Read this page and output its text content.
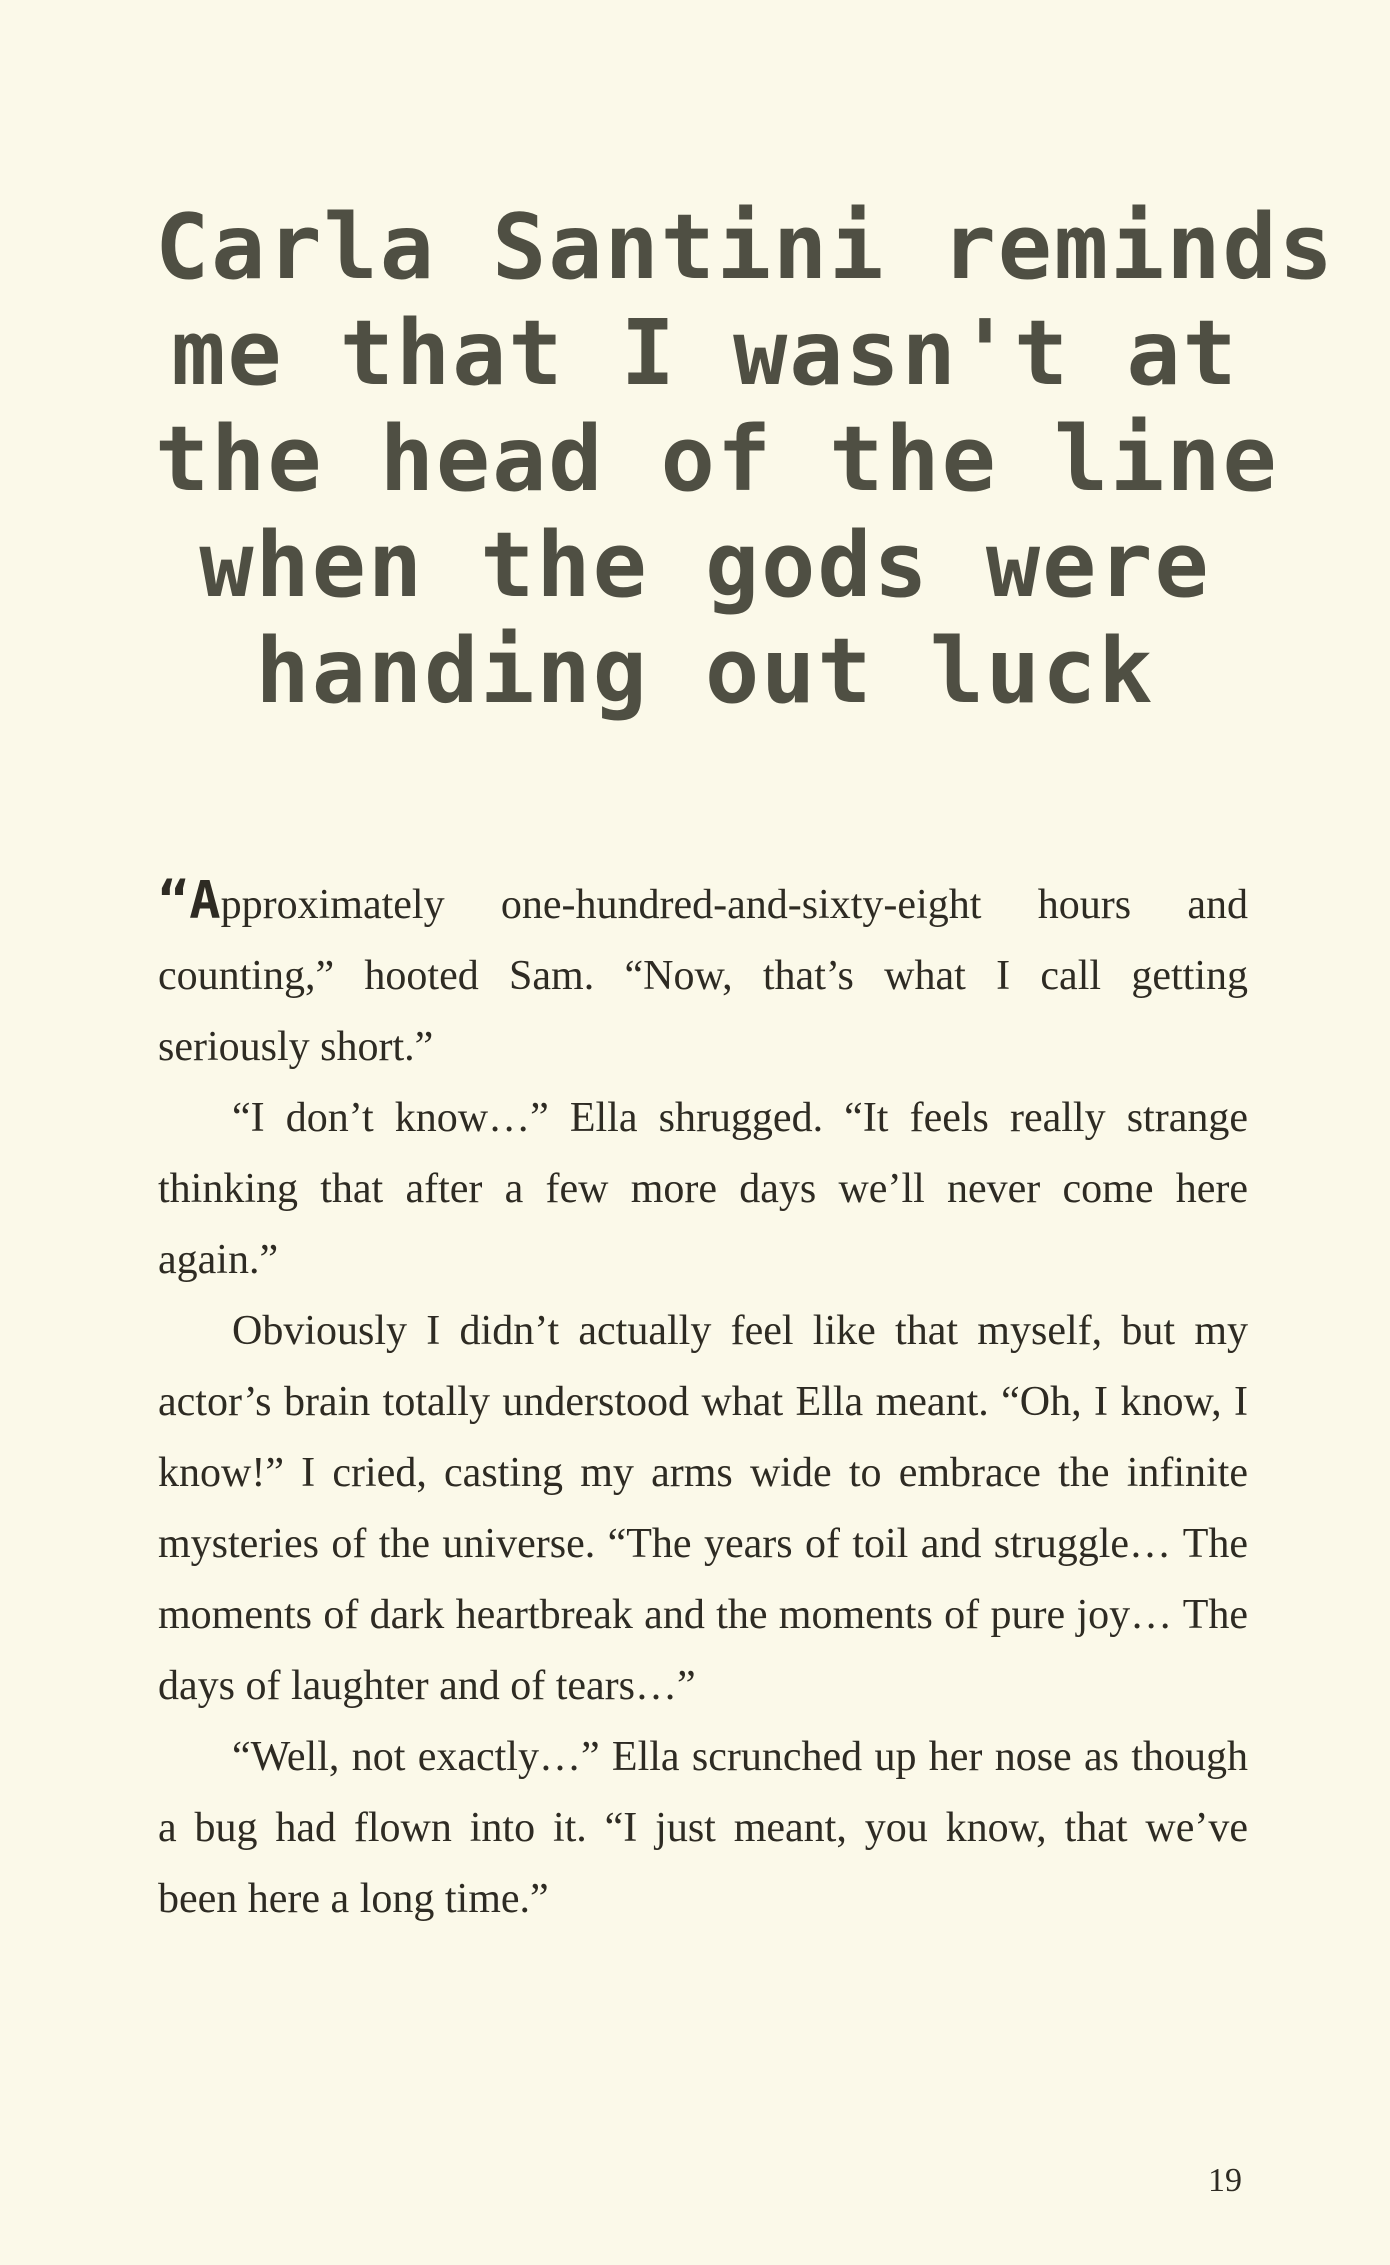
Carla Santini reminds
me that I wasn't at
the head of the line
when the gods were
handing out luck

“Approximately one-hundred-and-sixty-eight hours and counting,” hooted Sam. “Now, that’s what I call getting seriously short.”

“I don’t know…” Ella shrugged. “It feels really strange thinking that after a few more days we’ll never come here again.”

Obviously I didn’t actually feel like that myself, but my actor’s brain totally understood what Ella meant. “Oh, I know, I know!” I cried, casting my arms wide to embrace the infinite mysteries of the universe. “The years of toil and struggle… The moments of dark heartbreak and the moments of pure joy… The days of laughter and of tears…”

“Well, not exactly…” Ella scrunched up her nose as though a bug had flown into it. “I just meant, you know, that we’ve been here a long time.”

19
